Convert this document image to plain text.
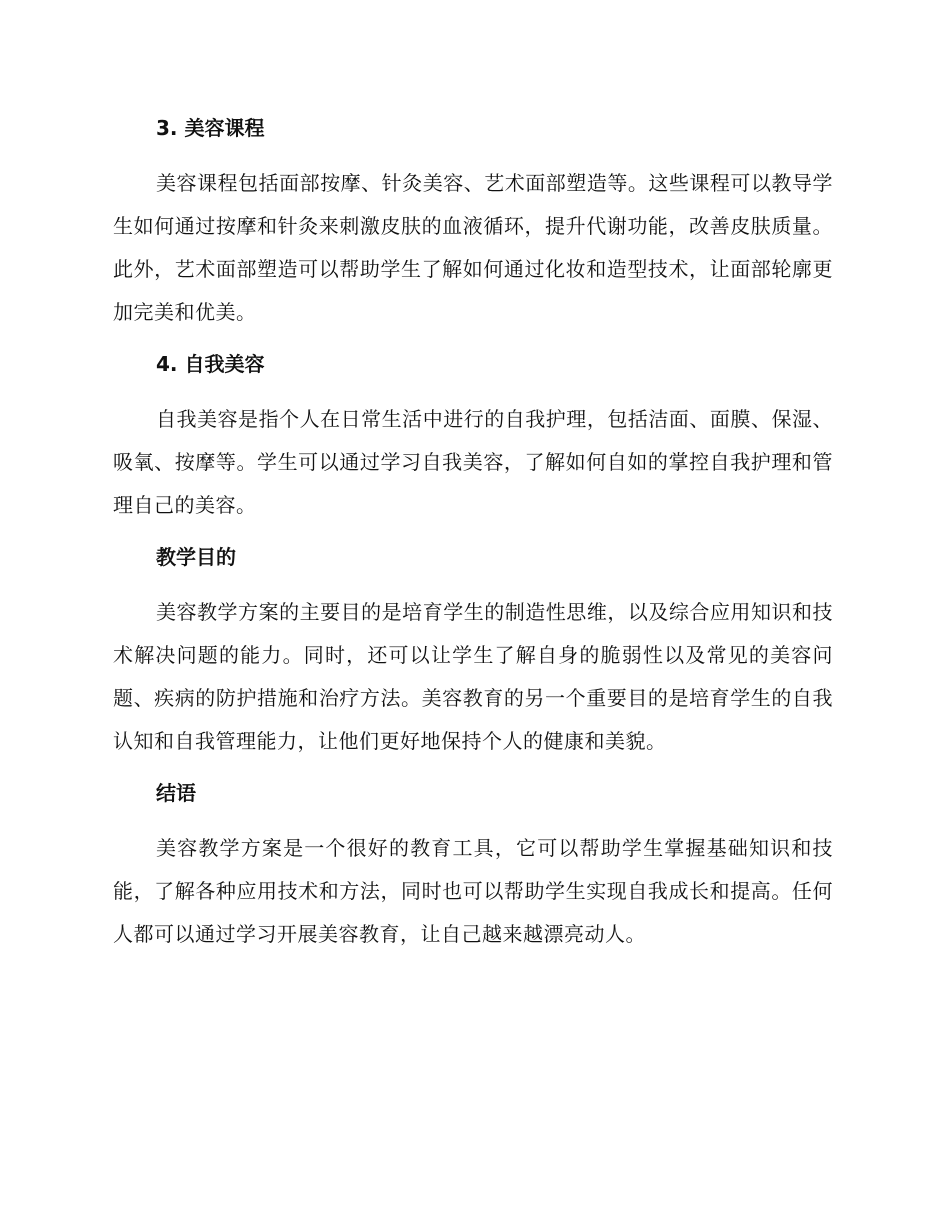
3. 美容课程

美容课程包括面部按摩、针灸美容、艺术面部塑造等。这些课程可以教导学生如何通过按摩和针灸来刺激皮肤的血液循环，提升代谢功能，改善皮肤质量。此外，艺术面部塑造可以帮助学生了解如何通过化妆和造型技术，让面部轮廓更加完美和优美。

4. 自我美容

自我美容是指个人在日常生活中进行的自我护理，包括洁面、面膜、保湿、吸氧、按摩等。学生可以通过学习自我美容，了解如何自如的掌控自我护理和管理自己的美容。

教学目的

美容教学方案的主要目的是培育学生的制造性思维，以及综合应用知识和技术解决问题的能力。同时，还可以让学生了解自身的脆弱性以及常见的美容问题、疾病的防护措施和治疗方法。美容教育的另一个重要目的是培育学生的自我认知和自我管理能力，让他们更好地保持个人的健康和美貌。

结语

美容教学方案是一个很好的教育工具，它可以帮助学生掌握基础知识和技能，了解各种应用技术和方法，同时也可以帮助学生实现自我成长和提高。任何人都可以通过学习开展美容教育，让自己越来越漂亮动人。
